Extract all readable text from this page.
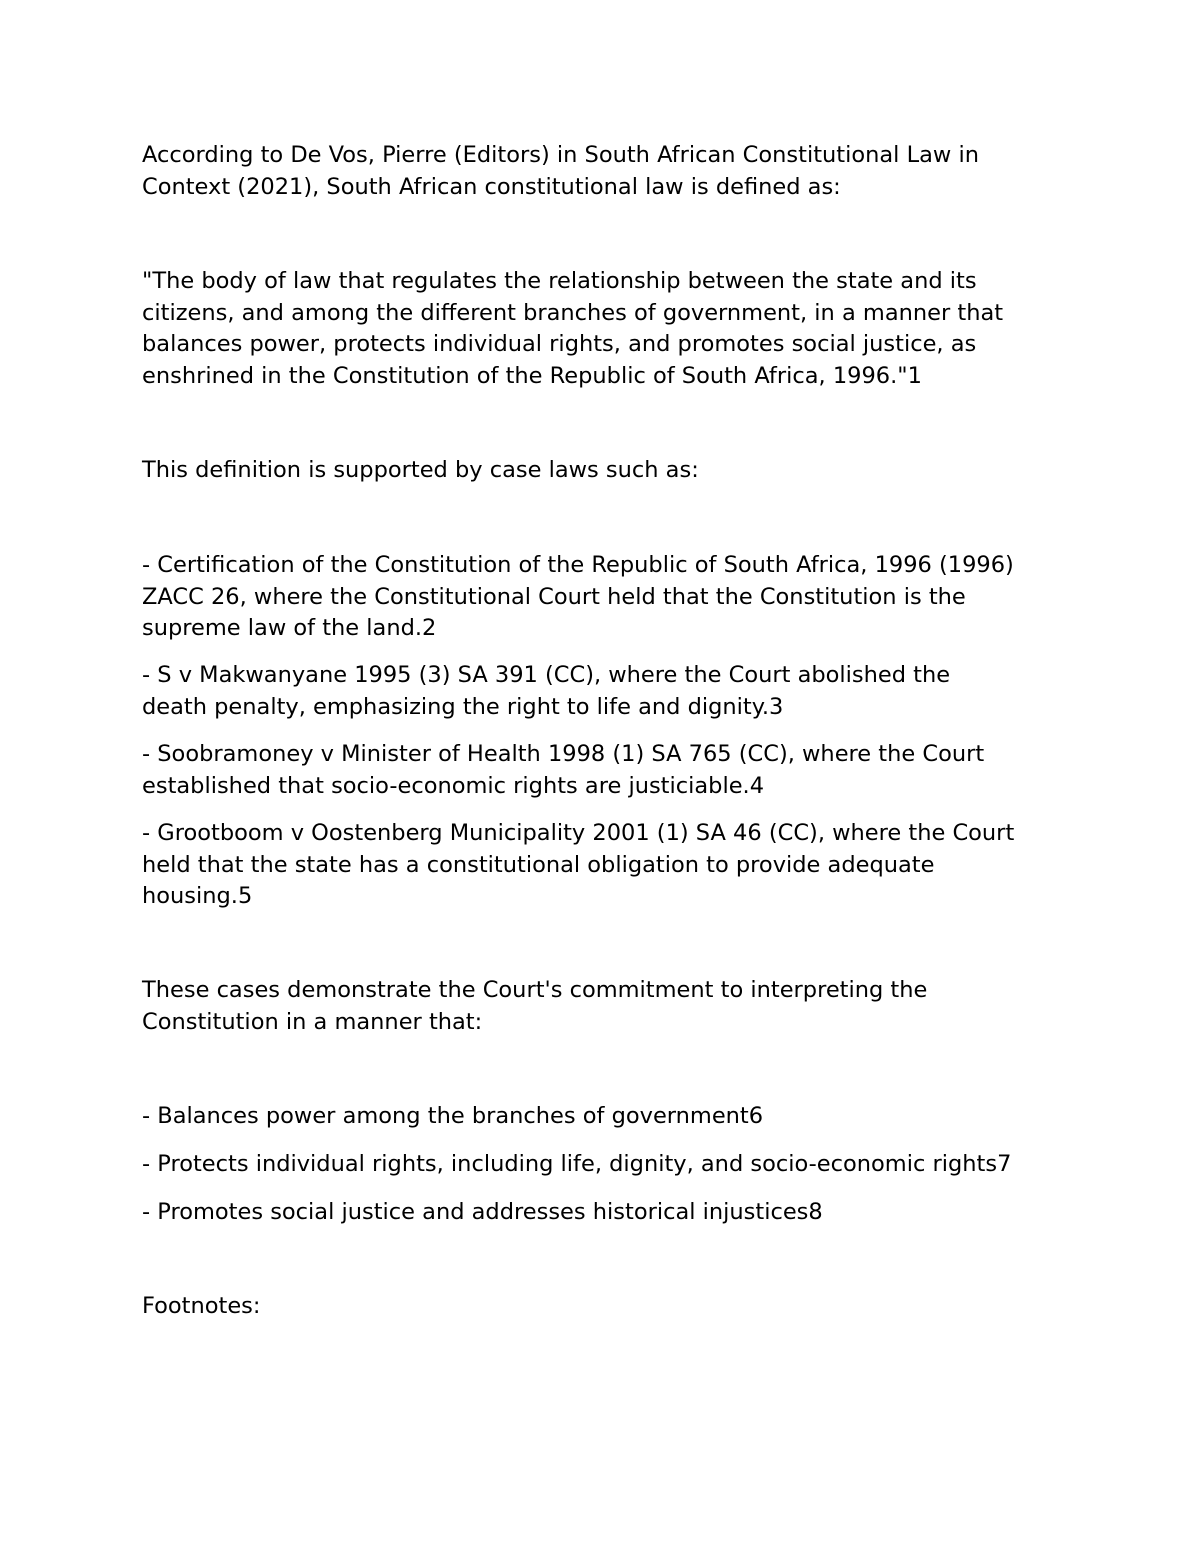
According to De Vos, Pierre (Editors) in South African Constitutional Law in
Context (2021), South African constitutional law is defined as:

"The body of law that regulates the relationship between the state and its
citizens, and among the different branches of government, in a manner that
balances power, protects individual rights, and promotes social justice, as
enshrined in the Constitution of the Republic of South Africa, 1996."1

This definition is supported by case laws such as:

- Certification of the Constitution of the Republic of South Africa, 1996 (1996)
ZACC 26, where the Constitutional Court held that the Constitution is the
supreme law of the land.2

- S v Makwanyane 1995 (3) SA 391 (CC), where the Court abolished the
death penalty, emphasizing the right to life and dignity.3

- Soobramoney v Minister of Health 1998 (1) SA 765 (CC), where the Court
established that socio-economic rights are justiciable.4

- Grootboom v Oostenberg Municipality 2001 (1) SA 46 (CC), where the Court
held that the state has a constitutional obligation to provide adequate
housing.5

These cases demonstrate the Court's commitment to interpreting the
Constitution in a manner that:

- Balances power among the branches of government6

- Protects individual rights, including life, dignity, and socio-economic rights7

- Promotes social justice and addresses historical injustices8

Footnotes:
